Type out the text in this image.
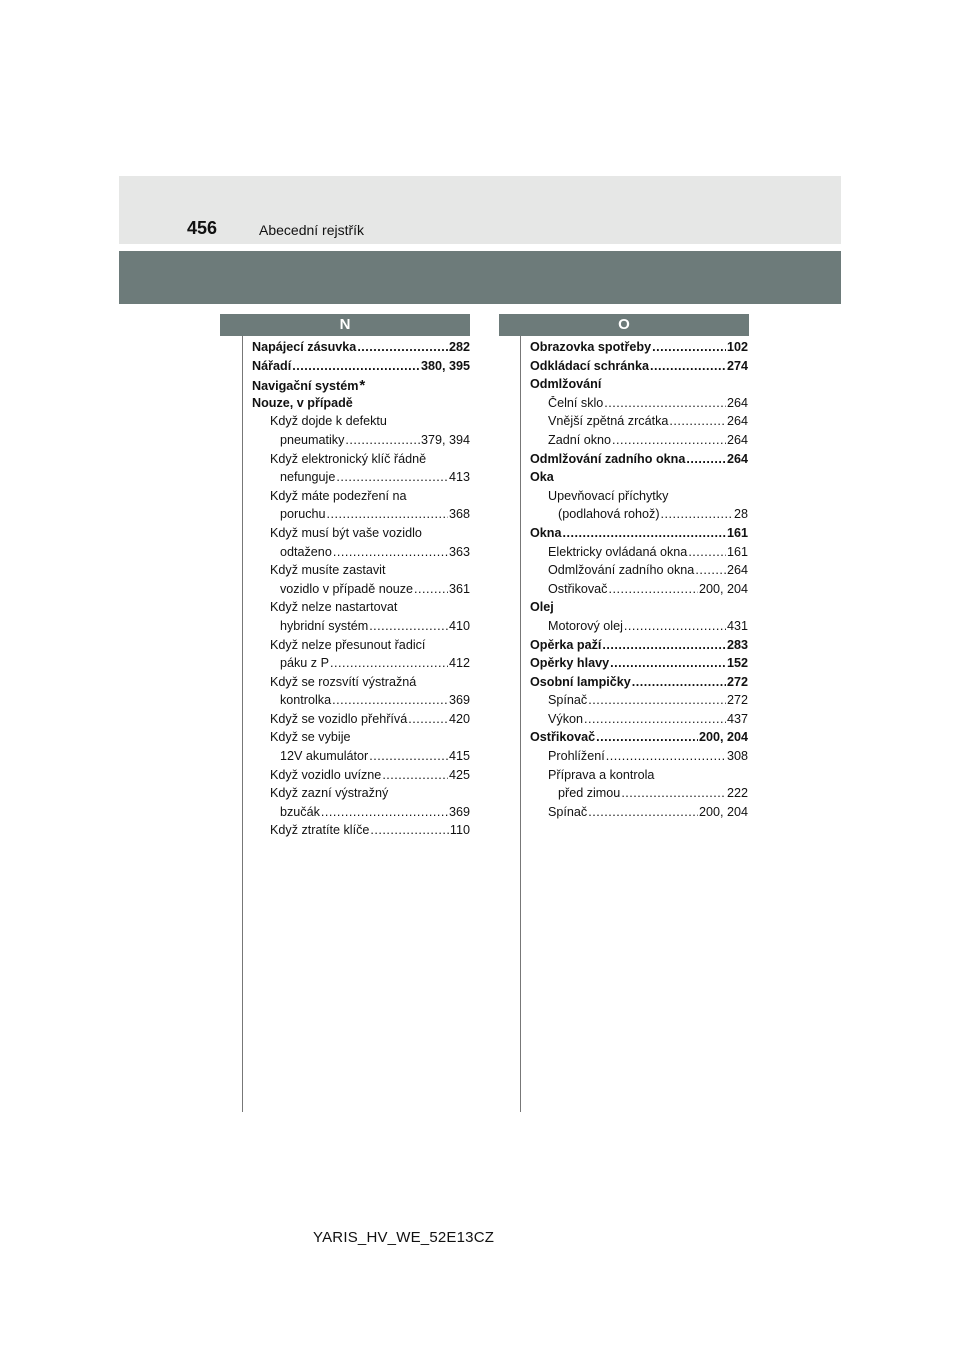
456	Abecední rejstřík
N	O
Napájecí zásuvka .....	282
Nářadí .....	380, 395
Navigační systém *
Nouze, v případě
Když dojde k defektu
pneumatiky .....	379, 394
Když elektronický klíč řádně
nefunguje .....	413
Když máte podezření na
poruchu .....	368
Když musí být vaše vozidlo
odtaženo .....	363
Když musíte zastavit
vozidlo v případě nouze .....	361
Když nelze nastartovat
hybridní systém .....	410
Když nelze přesunout řadicí
páku z P .....	412
Když se rozsvítí výstražná
kontrolka .....	369
Když se vozidlo přehřívá .....	420
Když se vybije
12V akumulátor .....	415
Když vozidlo uvízne .....	425
Když zazní výstražný
bzučák .....	369
Když ztratíte klíče .....	110
Obrazovka spotřeby .....	102
Odkládací schránka .....	274
Odmlžování
Čelní sklo .....	264
Vnější zpětná zrcátka .....	264
Zadní okno .....	264
Odmlžování zadního okna .....	264
Oka
Upevňovací příchytky
(podlahová rohož) .....	28
Okna .....	161
Elektricky ovládaná okna .....	161
Odmlžování zadního okna .....	264
Ostřikovač .....	200, 204
Olej
Motorový olej .....	431
Opěrka paží .....	283
Opěrky hlavy .....	152
Osobní lampičky .....	272
Spínač .....	272
Výkon .....	437
Ostřikovač .....	200, 204
Prohlížení .....	308
Příprava a kontrola
před zimou .....	222
Spínač .....	200, 204
YARIS_HV_WE_52E13CZ
